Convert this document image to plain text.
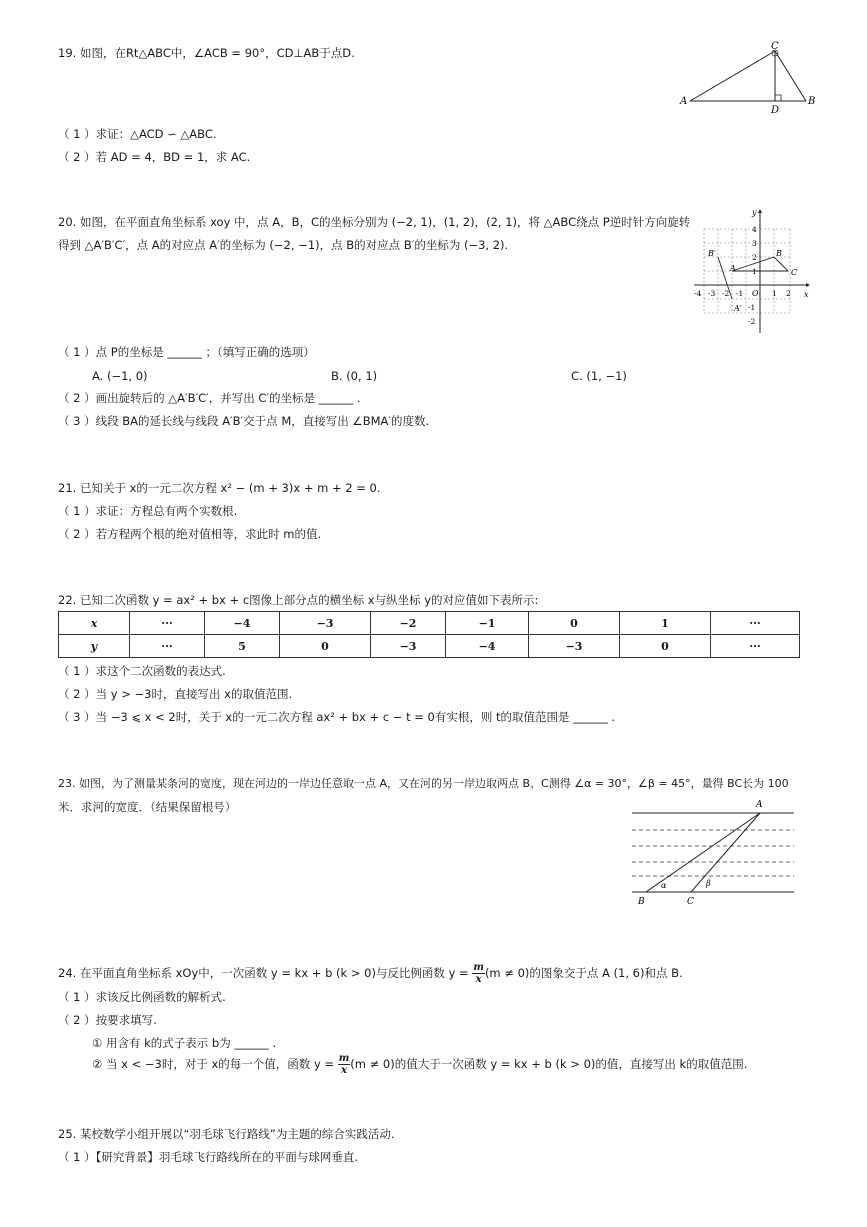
19. 如图，在Rt△ABC中，∠ACB = 90°，CD⊥AB于点D.
（ 1 ）求证：△ACD ∽ △ABC.
（ 2 ）若 AD = 4，BD = 1，求 AC.
A	B
C
D
20. 如图，在平面直角坐标系 xoy 中，点 A，B，C的坐标分别为 (−2, 1)，(1, 2)，(2, 1)，将 △ABC绕点 P逆时针方向旋转
得到 △A′B′C′，点 A的对应点 A′的坐标为 (−2, −1)，点 B的对应点 B′的坐标为 (−3, 2).
（ 1 ）点 P的坐标是 ______ ；（填写正确的选项）
A. (−1, 0)	B. (0, 1)	C. (1, −1)
（ 2 ）画出旋转后的 △A′B′C′，并写出 C′的坐标是 ______ .
（ 3 ）线段 BA的延长线与线段 A′B′交于点 M，直接写出 ∠BMA′的度数.
x
y
O
-4 -3 -2 -1	1 2
4
3
2
1
-1
-2
A
B
C
B′
A′
21. 已知关于 x的一元二次方程 x² − (m + 3)x + m + 2 = 0.
（ 1 ）求证：方程总有两个实数根.
（ 2 ）若方程两个根的绝对值相等，求此时 m的值.
22. 已知二次函数 y = ax² + bx + c图像上部分点的横坐标 x与纵坐标 y的对应值如下表所示:
x	···	−4	−3	−2	−1	0	1	···
y	···	5	0	−3	−4	−3	0	···
（ 1 ）求这个二次函数的表达式.
（ 2 ）当 y > −3时，直接写出 x的取值范围.
（ 3 ）当 −3 ⩽ x < 2时，关于 x的一元二次方程 ax² + bx + c − t = 0有实根，则 t的取值范围是 ______ .
23. 如图，为了测量某条河的宽度，现在河边的一岸边任意取一点 A，又在河的另一岸边取两点 B、C测得 ∠α = 30°，∠β = 45°，量得 BC长为 100
米．求河的宽度．（结果保留根号）	A
B	C
α	β
24. 在平面直角坐标系 xOy中，一次函数 y = kx + b (k > 0)与反比例函数 $y = \frac{m}{x} (m \ne 0)$的图象交于点 A (1, 6)和点 B.
（ 1 ）求该反比例函数的解析式.
（ 2 ）按要求填写.
① 用含有 k的式子表示 b为 ______ .
② 当 x < −3时，对于 x的每一个值，函数 $y = \frac{m}{x} (m \ne 0)$的值大于一次函数 y = kx + b (k > 0)的值，直接写出 k的取值范围.
25. 某校数学小组开展以“羽毛球飞行路线”为主题的综合实践活动.
（ 1 ）【研究背景】羽毛球飞行路线所在的平面与球网垂直.
